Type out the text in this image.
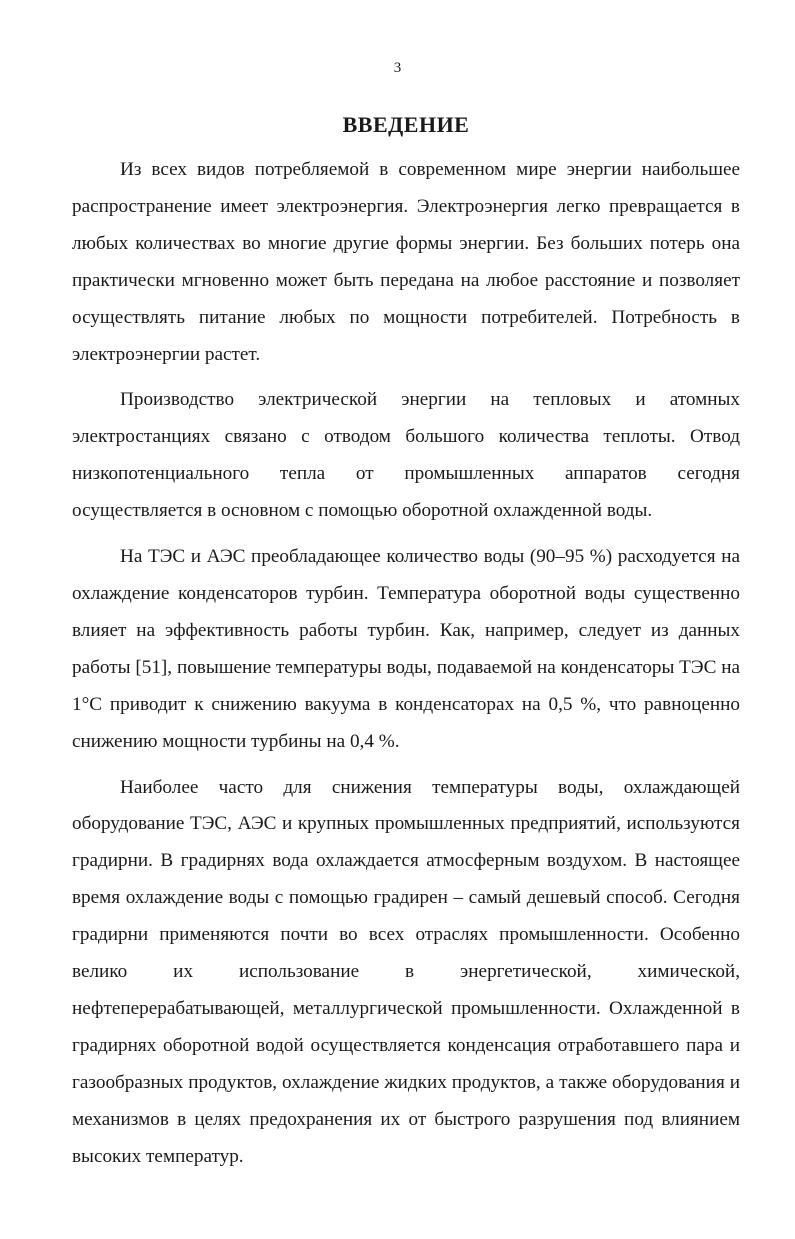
3

ВВЕДЕНИЕ

Из всех видов потребляемой в современном мире энергии наибольшее распространение имеет электроэнергия. Электроэнергия легко превращается в любых количествах во многие другие формы энергии. Без больших потерь она практически мгновенно может быть передана на любое расстояние и позволяет осуществлять питание любых по мощности потребителей. Потребность в электроэнергии растет.

Производство электрической энергии на тепловых и атомных электростанциях связано с отводом большого количества теплоты. Отвод низкопотенциального тепла от промышленных аппаратов сегодня осуществляется в основном с помощью оборотной охлажденной воды.

На ТЭС и АЭС преобладающее количество воды (90–95 %) расходуется на охлаждение конденсаторов турбин. Температура оборотной воды существенно влияет на эффективность работы турбин. Как, например, следует из данных работы [51], повышение температуры воды, подаваемой на конденсаторы ТЭС на 1°С приводит к снижению вакуума в конденсаторах на 0,5 %, что равноценно снижению мощности турбины на 0,4 %.

Наиболее часто для снижения температуры воды, охлаждающей оборудование ТЭС, АЭС и крупных промышленных предприятий, используются градирни. В градирнях вода охлаждается атмосферным воздухом. В настоящее время охлаждение воды с помощью градирен – самый дешевый способ. Сегодня градирни применяются почти во всех отраслях промышленности. Особенно велико их использование в энергетической, химической, нефтеперерабатывающей, металлургической промышленности. Охлажденной в градирнях оборотной водой осуществляется конденсация отработавшего пара и газообразных продуктов, охлаждение жидких продуктов, а также оборудования и механизмов в целях предохранения их от быстрого разрушения под влиянием высоких температур.
